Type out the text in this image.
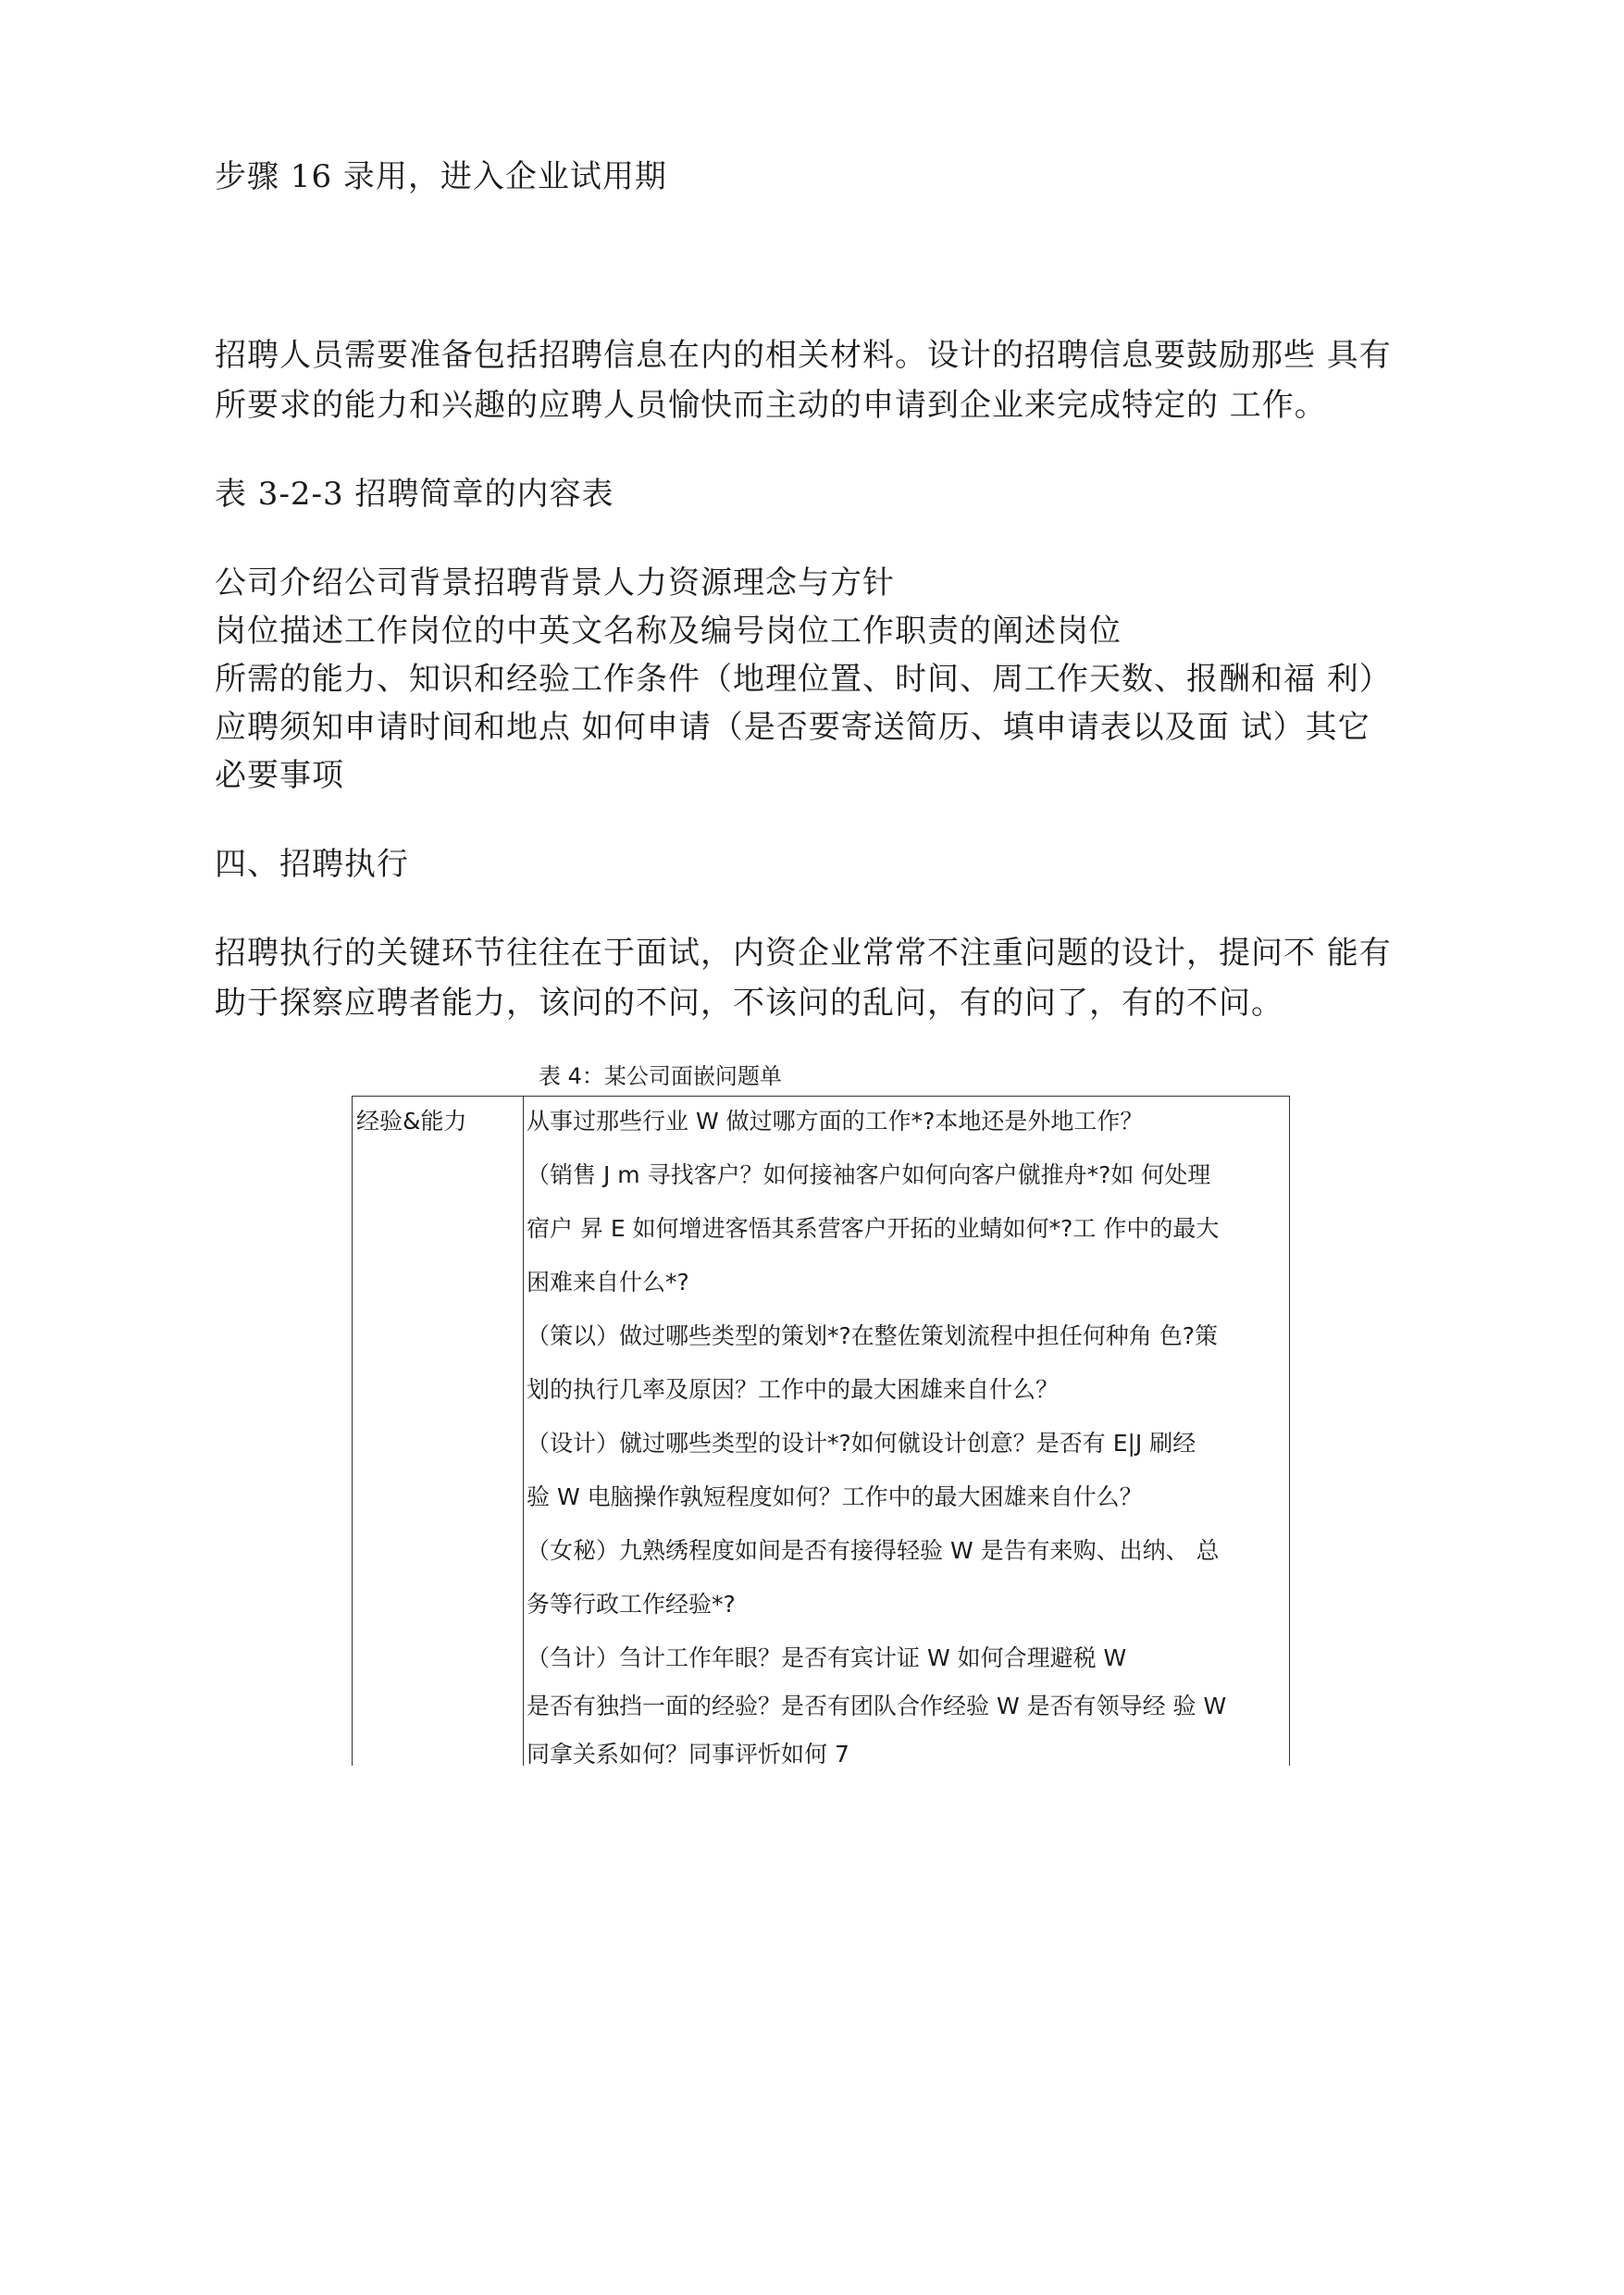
步骤 16 录用，进入企业试用期
招聘人员需要准备包括招聘信息在内的相关材料。设计的招聘信息要鼓励那些 具有
所要求的能力和兴趣的应聘人员愉快而主动的申请到企业来完成特定的 工作。
表 3-2-3 招聘简章的内容表
公司介绍公司背景招聘背景人力资源理念与方针
岗位描述工作岗位的中英文名称及编号岗位工作职责的阐述岗位
所需的能力、知识和经验工作条件（地理位置、时间、周工作天数、报酬和福 利）
应聘须知申请时间和地点 如何申请（是否要寄送简历、填申请表以及面 试）其它
必要事项
四、招聘执行
招聘执行的关键环节往往在于面试，内资企业常常不注重问题的设计，提问不 能有
助于探察应聘者能力，该问的不问，不该问的乱问，有的问了，有的不问。
表 4：某公司面嵌问题单
经验&能力	从事过那些行业 W 做过哪方面的工作*?本地还是外地工作？
（销售 J m 寻找客户？如何接袖客户如何向客户僦推舟*?如 何处理
宿户 昇 E 如何增进客悟其系营客户开拓的业蜻如何*?工 作中的最大
困难来自什么*?
（策以）做过哪些类型的策划*?在整佐策划流程中担任何种角 色?策
划的执行几率及原因？工作中的最大困雄来自什么？
（设计）僦过哪些类型的设计*?如何僦设计创意？是否有 E|J 刷经
验 W 电脑操作孰短程度如何？工作中的最大困雄来自什么？
（女秘）九熟绣程度如间是否有接得轻验 W 是告有来购、出纳、 总
务等行政工作经验*?
（刍计）刍计工作年眼？是否有宾计证 W 如何合理避税 W
是否有独挡一面的经验？是否有团队合作经验 W 是否有领导经 验 W
同拿关系如何？同事评忻如何 7
